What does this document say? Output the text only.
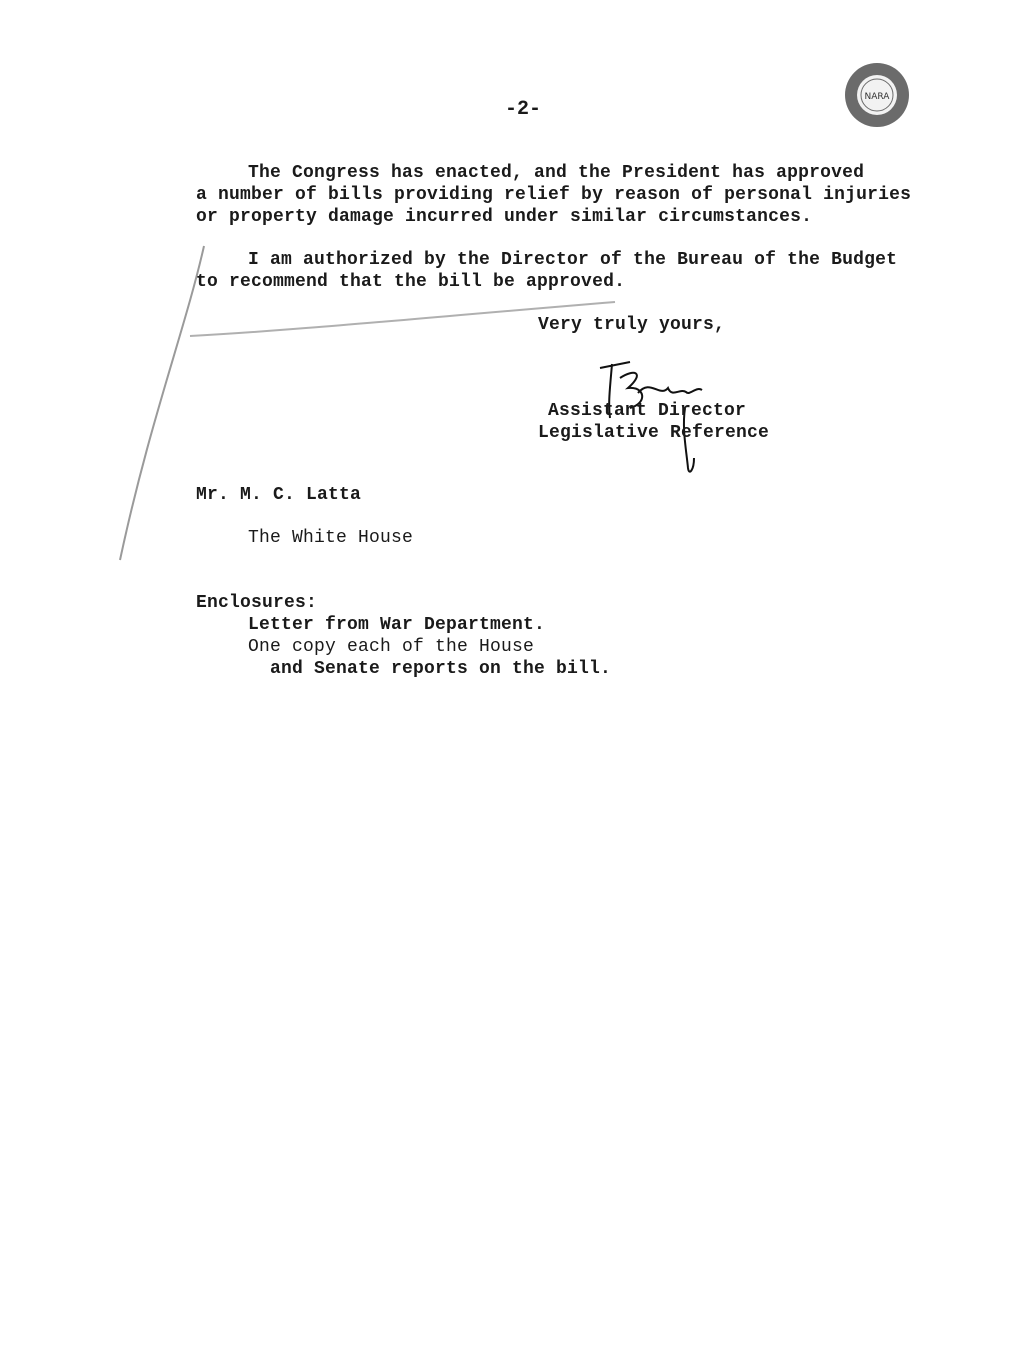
NARA
-2-
The Congress has enacted, and the President has approved
a number of bills providing relief by reason of personal injuries
or property damage incurred under similar circumstances.
I am authorized by the Director of the Bureau of the Budget
to recommend that the bill be approved.
Very truly yours,
Assistant Director
Legislative Reference
Mr. M. C. Latta
The White House
Enclosures:
Letter from War Department.
One copy each of the House
and Senate reports on the bill.
